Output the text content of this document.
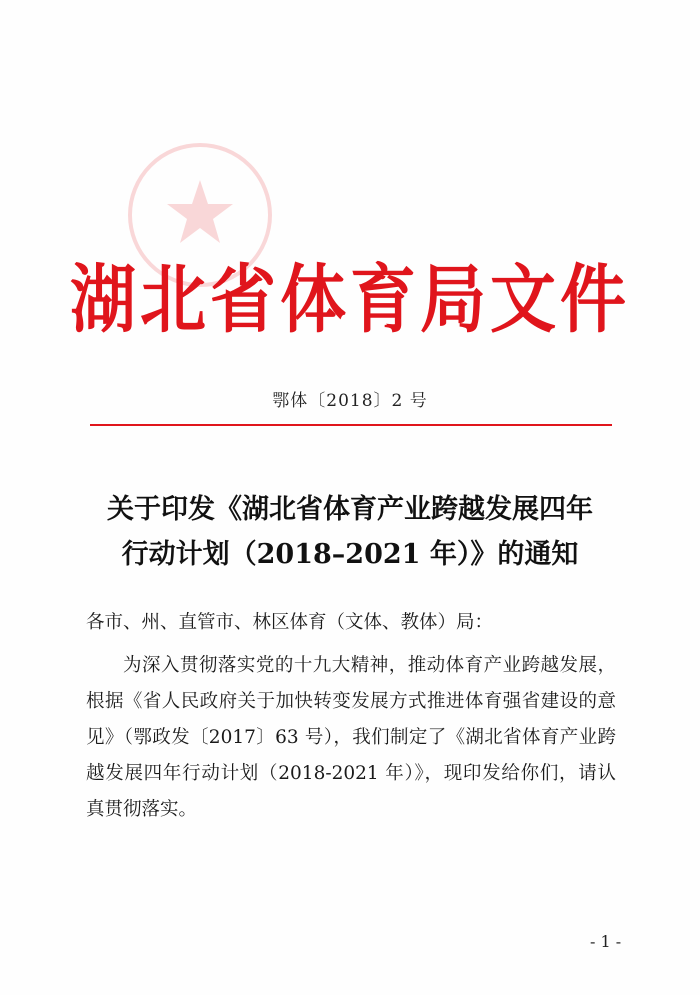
湖北省体育局文件
鄂体〔2018〕2 号
关于印发《湖北省体育产业跨越发展四年
行动计划（2018–2021 年）》的通知
各市、州、直管市、林区体育（文体、教体）局：
为深入贯彻落实党的十九大精神，推动体育产业跨越发展，根据《省人民政府关于加快转变发展方式推进体育强省建设的意见》（鄂政发〔2017〕63 号），我们制定了《湖北省体育产业跨越发展四年行动计划（2018-2021 年）》，现印发给你们，请认真贯彻落实。
- 1 -
